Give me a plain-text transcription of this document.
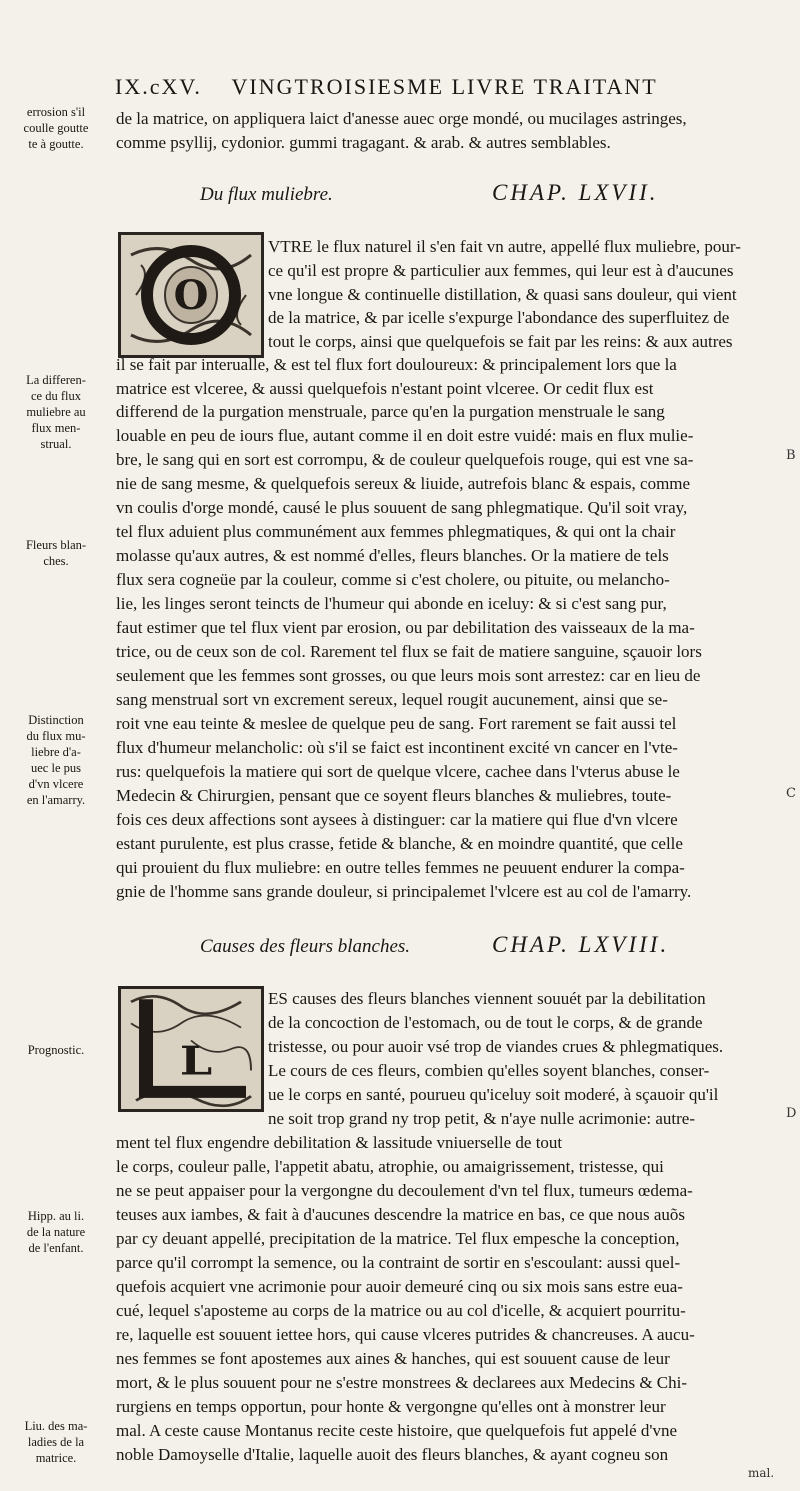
IX.cXV. VINGTROISIESME LIVRE TRAITANT
errosion s'il
coulle goutte
te à goutte.
de la matrice, on appliquera laict d'anesse auec orge mondé, ou mucilages astringes,
comme psyllij, cydonior. gummi tragagant. & arab. & autres semblables.
Du flux muliebre.	CHAP. LXVII.
O
VTRE le flux naturel il s'en fait vn autre, appellé flux muliebre, pour-
ce qu'il est propre & particulier aux femmes, qui leur est à d'aucunes
vne longue & continuelle distillation, & quasi sans douleur, qui vient
de la matrice, & par icelle s'expurge l'abondance des superfluitez de
tout le corps, ainsi que quelquefois se fait par les reins: & aux autres
il se fait par interualle, & est tel flux fort douloureux: & principalement lors que la
matrice est vlceree, & aussi quelquefois n'estant point vlceree. Or cedit flux est
differend de la purgation menstruale, parce qu'en la purgation menstruale le sang
louable en peu de iours flue, autant comme il en doit estre vuidé: mais en flux mulie-
bre, le sang qui en sort est corrompu, & de couleur quelquefois rouge, qui est vne sa-
nie de sang mesme, & quelquefois sereux & liuide, autrefois blanc & espais, comme
vn coulis d'orge mondé, causé le plus souuent de sang phlegmatique. Qu'il soit vray,
tel flux aduient plus communément aux femmes phlegmatiques, & qui ont la chair
molasse qu'aux autres, & est nommé d'elles, fleurs blanches. Or la matiere de tels
flux sera cogneüe par la couleur, comme si c'est cholere, ou pituite, ou melancho-
lie, les linges seront teincts de l'humeur qui abonde en iceluy: & si c'est sang pur,
faut estimer que tel flux vient par erosion, ou par debilitation des vaisseaux de la ma-
trice, ou de ceux son de col. Rarement tel flux se fait de matiere sanguine, sçauoir lors
seulement que les femmes sont grosses, ou que leurs mois sont arrestez: car en lieu de
sang menstrual sort vn excrement sereux, lequel rougit aucunement, ainsi que se-
roit vne eau teinte & meslee de quelque peu de sang. Fort rarement se fait aussi tel
flux d'humeur melancholic: où s'il se faict est incontinent excité vn cancer en l'vte-
rus: quelquefois la matiere qui sort de quelque vlcere, cachee dans l'vterus abuse le
Medecin & Chirurgien, pensant que ce soyent fleurs blanches & muliebres, toute-
fois ces deux affections sont aysees à distinguer: car la matiere qui flue d'vn vlcere
estant purulente, est plus crasse, fetide & blanche, & en moindre quantité, que celle
qui prouient du flux muliebre: en outre telles femmes ne peuuent endurer la compa-
gnie de l'homme sans grande douleur, si principalemet l'vlcere est au col de l'amarry.
La differen-
ce du flux
muliebre au
flux men-
strual.
Fleurs blan-
ches.
Distinction
du flux mu-
liebre d'a-
uec le pus
d'vn vlcere
en l'amarry.
Causes des fleurs blanches.	CHAP. LXVIII.
L
ES causes des fleurs blanches viennent souuét par la debilitation
de la concoction de l'estomach, ou de tout le corps, & de grande
tristesse, ou pour auoir vsé trop de viandes crues & phlegmatiques.
Le cours de ces fleurs, combien qu'elles soyent blanches, conser-
ue le corps en santé, pourueu qu'iceluy soit moderé, à sçauoir qu'il
ne soit trop grand ny trop petit, & n'aye nulle acrimonie: autre-
ment tel flux engendre debilitation & lassitude vniuerselle de tout
le corps, couleur palle, l'appetit abatu, atrophie, ou amaigrissement, tristesse, qui
ne se peut appaiser pour la vergongne du decoulement d'vn tel flux, tumeurs œdema-
teuses aux iambes, & fait à d'aucunes descendre la matrice en bas, ce que nous auõs
par cy deuant appellé, precipitation de la matrice. Tel flux empesche la conception,
parce qu'il corrompt la semence, ou la contraint de sortir en s'escoulant: aussi quel-
quefois acquiert vne acrimonie pour auoir demeuré cinq ou six mois sans estre eua-
cué, lequel s'aposteme au corps de la matrice ou au col d'icelle, & acquiert pourritu-
re, laquelle est souuent iettee hors, qui cause vlceres putrides & chancreuses. A aucu-
nes femmes se font apostemes aux aines & hanches, qui est souuent cause de leur
mort, & le plus souuent pour ne s'estre monstrees & declarees aux Medecins & Chi-
rurgiens en temps opportun, pour honte & vergongne qu'elles ont à monstrer leur
mal. A ceste cause Montanus recite ceste histoire, que quelquefois fut appelé d'vne
noble Damoyselle d'Italie, laquelle auoit des fleurs blanches, & ayant cogneu son
Prognostic.
Hipp. au li.
de la nature
de l'enfant.
Liu. des ma-
ladies de la
matrice.
B
C
D
mal.
